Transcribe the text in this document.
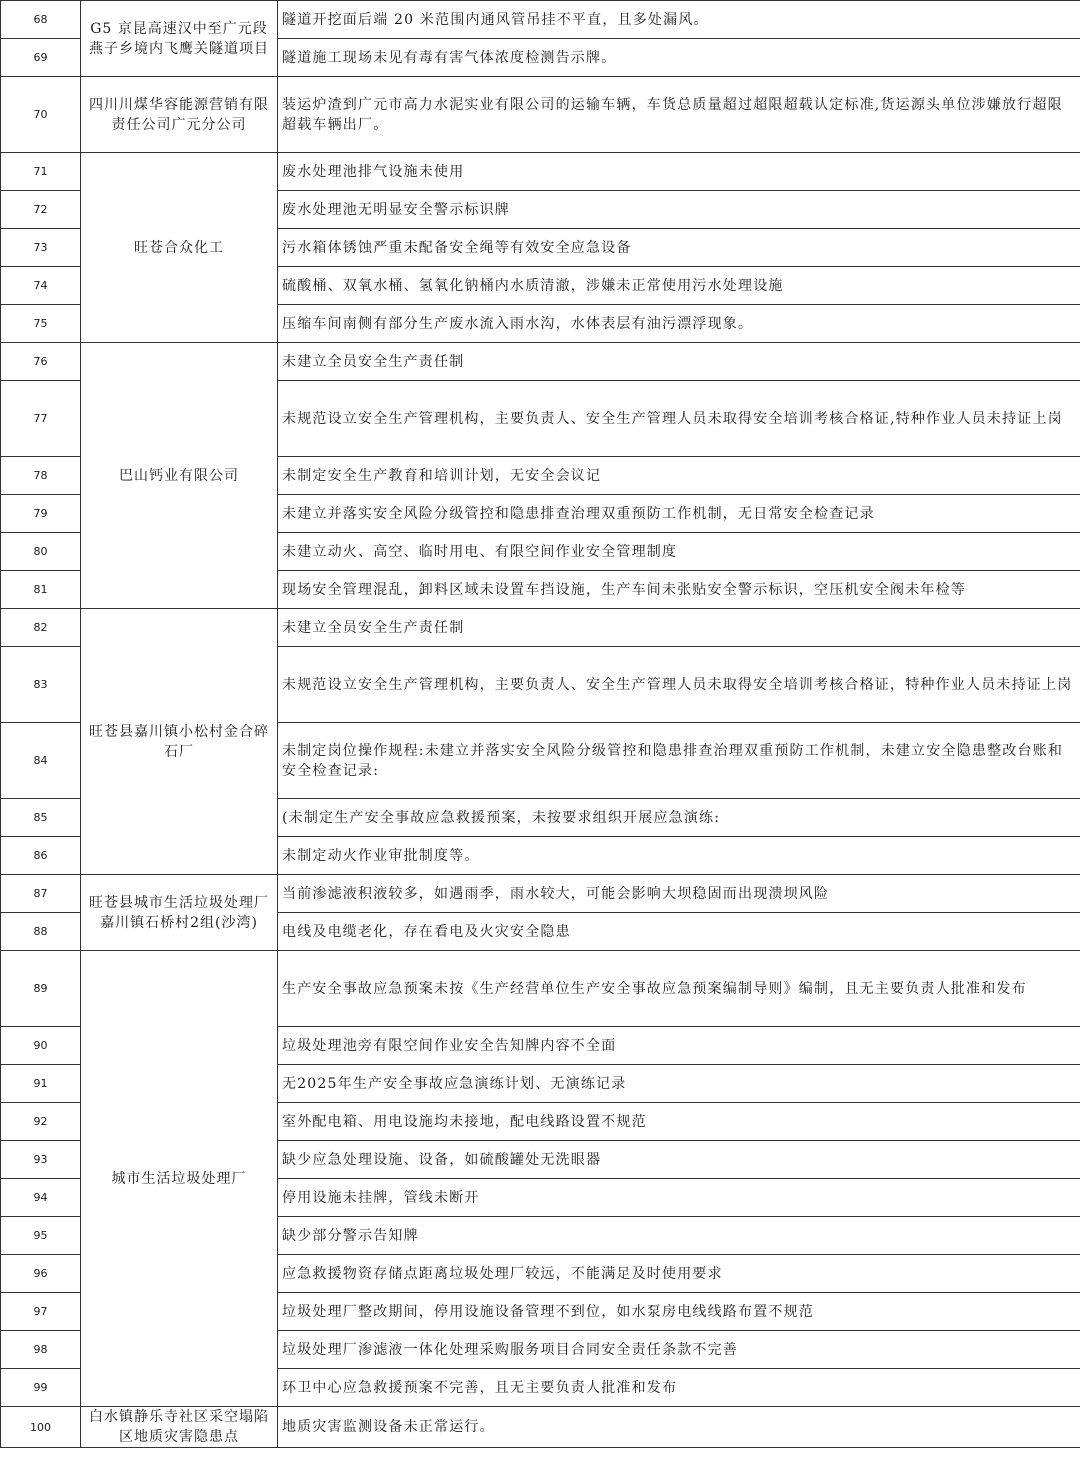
68	G5 京昆高速汉中至广元段燕子乡境内飞鹰关隧道项目	隧道开挖面后端 20 米范围内通风管吊挂不平直，且多处漏风。
69		隧道施工现场未见有毒有害气体浓度检测告示牌。
70	四川川煤华容能源营销有限责任公司广元分公司	装运炉渣到广元市高力水泥实业有限公司的运输车辆，车货总质量超过超限超载认定标准,货运源头单位涉嫌放行超限超载车辆出厂。
71	旺苍合众化工	废水处理池排气设施未使用
72		废水处理池无明显安全警示标识牌
73		污水箱体锈蚀严重未配备安全绳等有效安全应急设备
74		硫酸桶、双氧水桶、氢氧化钠桶内水质清澈，涉嫌未正常使用污水处理设施
75		压缩车间南侧有部分生产废水流入雨水沟，水体表层有油污漂浮现象。
76	巴山钙业有限公司	未建立全员安全生产责任制
77		未规范设立安全生产管理机构，主要负责人、安全生产管理人员未取得安全培训考核合格证,特种作业人员未持证上岗
78		未制定安全生产教育和培训计划，无安全会议记
79		未建立并落实安全风险分级管控和隐患排查治理双重预防工作机制，无日常安全检查记录
80		未建立动火、高空、临时用电、有限空间作业安全管理制度
81		现场安全管理混乱，卸料区域未设置车挡设施，生产车间未张贴安全警示标识，空压机安全阀未年检等
82	旺苍县嘉川镇小松村金合碎石厂	未建立全员安全生产责任制
83		未规范设立安全生产管理机构，主要负责人、安全生产管理人员未取得安全培训考核合格证，特种作业人员未持证上岗
84		未制定岗位操作规程:未建立并落实安全风险分级管控和隐患排查治理双重预防工作机制，未建立安全隐患整改台账和安全检查记录:
85		(未制定生产安全事故应急救援预案，未按要求组织开展应急演练:
86		未制定动火作业审批制度等。
87	旺苍县城市生活垃圾处理厂嘉川镇石桥村2组(沙湾)	当前渗滤液积液较多，如遇雨季，雨水较大，可能会影响大坝稳固而出现溃坝风险
88		电线及电缆老化，存在看电及火灾安全隐患
89	城市生活垃圾处理厂	生产安全事故应急预案未按《生产经营单位生产安全事故应急预案编制导则》编制，且无主要负责人批准和发布
90		垃圾处理池旁有限空间作业安全告知牌内容不全面
91		无2025年生产安全事故应急演练计划、无演练记录
92		室外配电箱、用电设施均未接地，配电线路设置不规范
93		缺少应急处理设施、设备，如硫酸罐处无洗眼器
94		停用设施未挂牌，管线未断开
95		缺少部分警示告知牌
96		应急救援物资存储点距离垃圾处理厂较远，不能满足及时使用要求
97		垃圾处理厂整改期间，停用设施设备管理不到位，如水泵房电线线路布置不规范
98		垃圾处理厂渗滤液一体化处理采购服务项目合同安全责任条款不完善
99		环卫中心应急救援预案不完善，且无主要负责人批准和发布
100	白水镇静乐寺社区采空塌陷区地质灾害隐患点	地质灾害监测设备未正常运行。
